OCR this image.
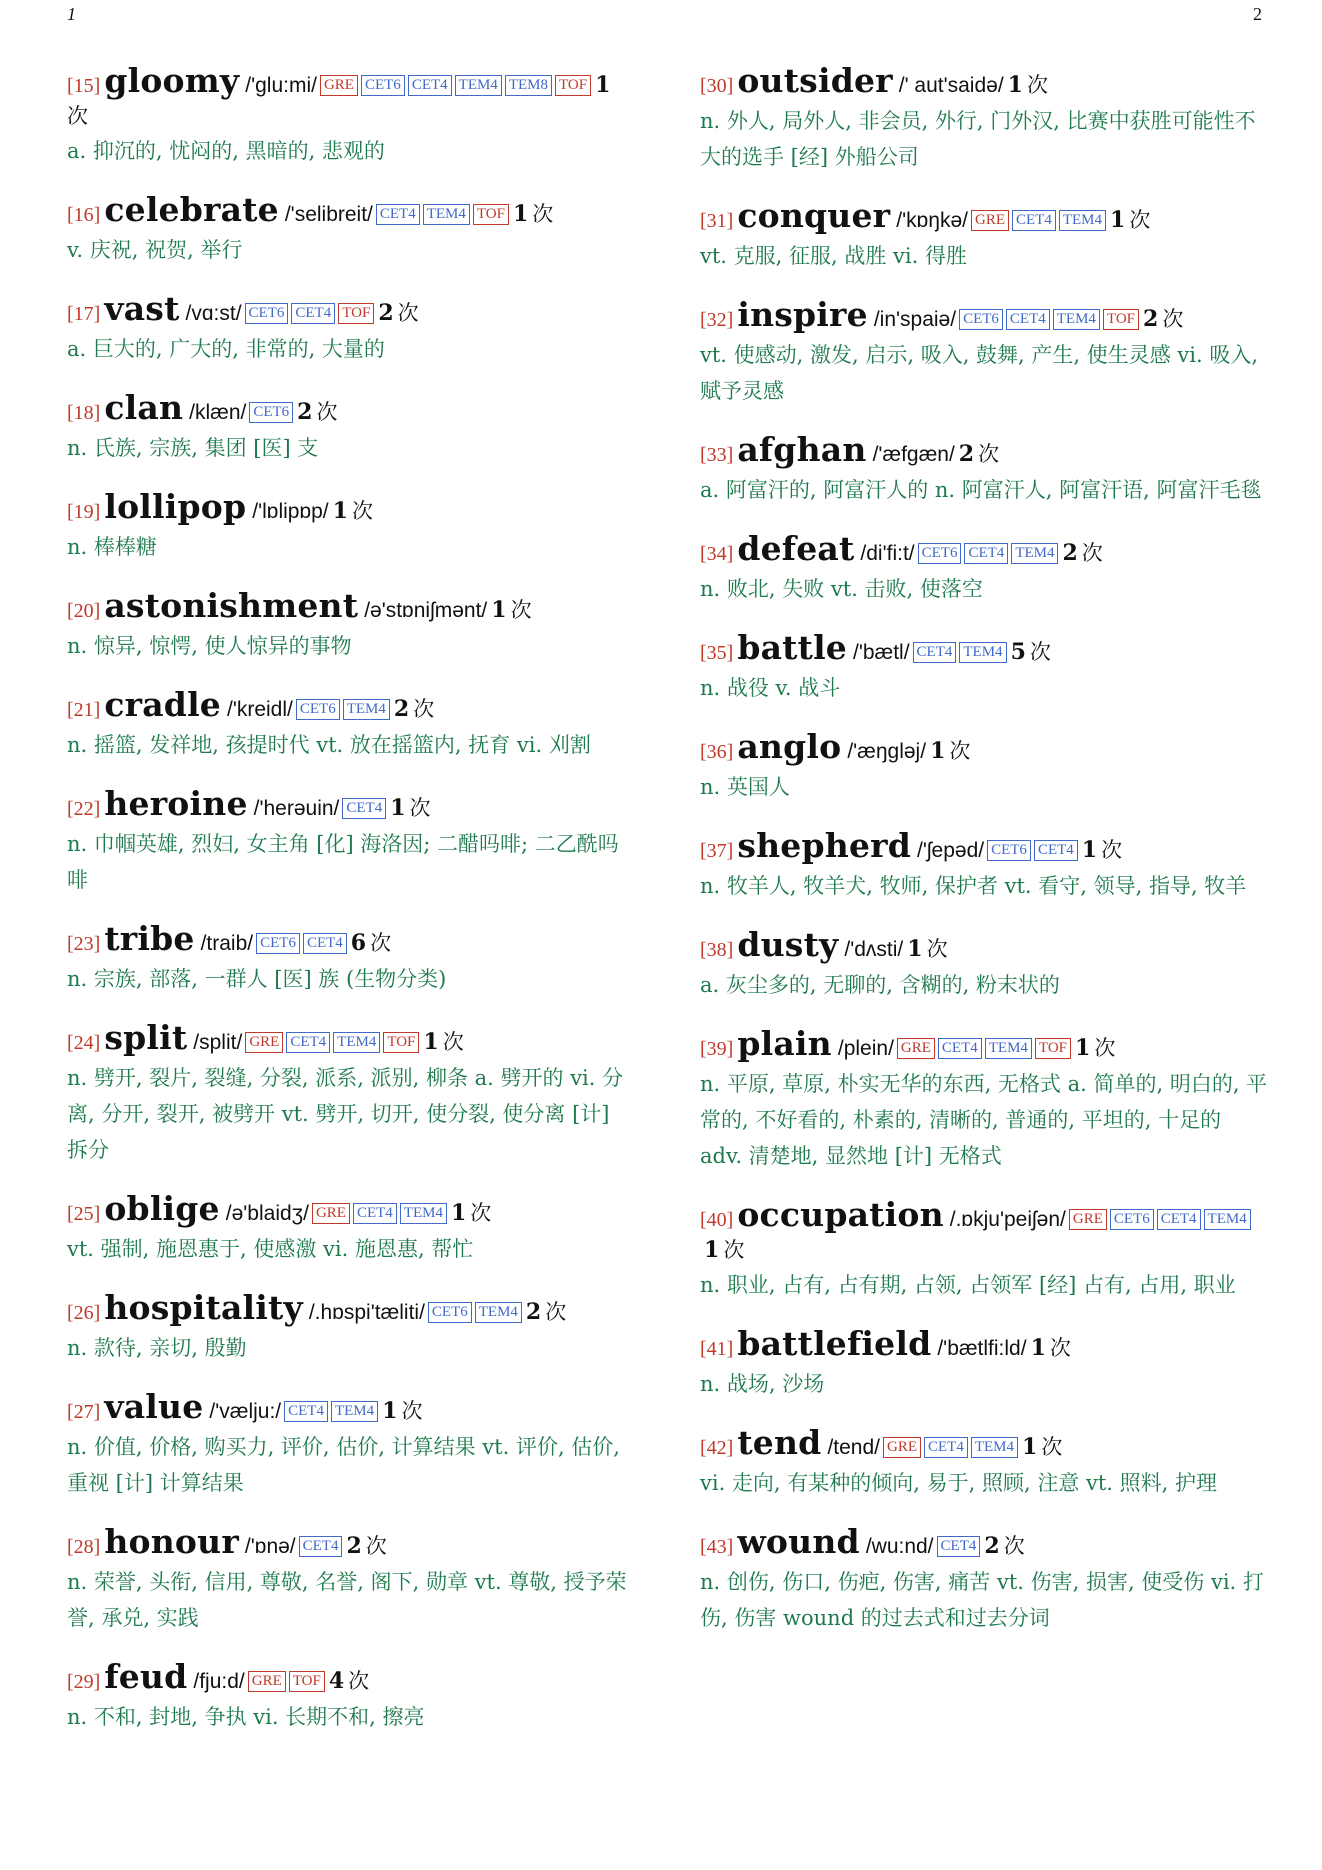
1	2
[15] gloomy /'glu:mi/ GRE CET6 CET4 TEM4 TEM8 TOF 1次
a. 抑沉的, 忧闷的, 黑暗的, 悲观的
[16] celebrate /'selibreit/ CET4 TEM4 TOF 1 次
v. 庆祝, 祝贺, 举行
[17] vast /vɑ:st/ CET6 CET4 TOF 2 次
a. 巨大的, 广大的, 非常的, 大量的
[18] clan /klæn/ CET6 2 次
n. 氏族, 宗族, 集团 [医] 支
[19] lollipop /'lɒlipɒp/ 1 次
n. 棒棒糖
[20] astonishment /ə'stɒniʃmənt/ 1 次
n. 惊异, 惊愕, 使人惊异的事物
[21] cradle /'kreidl/ CET6 TEM4 2 次
n. 摇篮, 发祥地, 孩提时代 vt. 放在摇篮内, 抚育 vi. 刈割
[22] heroine /'herəuin/ CET4 1 次
n. 巾帼英雄, 烈妇, 女主角 [化] 海洛因; 二醋吗啡; 二乙酰吗啡
[23] tribe /traib/ CET6 CET4 6 次
n. 宗族, 部落, 一群人 [医] 族 (生物分类)
[24] split /split/ GRE CET4 TEM4 TOF 1 次
n. 劈开, 裂片, 裂缝, 分裂, 派系, 派别, 柳条 a. 劈开的 vi. 分离, 分开, 裂开, 被劈开 vt. 劈开, 切开, 使分裂, 使分离 [计] 拆分
[25] oblige /ə'blaidʒ/ GRE CET4 TEM4 1 次
vt. 强制, 施恩惠于, 使感激 vi. 施恩惠, 帮忙
[26] hospitality /.hɒspi'tæliti/ CET6 TEM4 2 次
n. 款待, 亲切, 殷勤
[27] value /'vælju:/ CET4 TEM4 1 次
n. 价值, 价格, 购买力, 评价, 估价, 计算结果 vt. 评价, 估价, 重视 [计] 计算结果
[28] honour /'ɒnə/ CET4 2 次
n. 荣誉, 头衔, 信用, 尊敬, 名誉, 阁下, 勋章 vt. 尊敬, 授予荣誉, 承兑, 实践
[29] feud /fju:d/ GRE TOF 4 次
n. 不和, 封地, 争执 vi. 长期不和, 擦亮
[30] outsider /' aut'saidə/ 1 次
n. 外人, 局外人, 非会员, 外行, 门外汉, 比赛中获胜可能性不大的选手 [经] 外船公司
[31] conquer /'kɒŋkə/ GRE CET4 TEM4 1 次
vt. 克服, 征服, 战胜 vi. 得胜
[32] inspire /in'spaiə/ CET6 CET4 TEM4 TOF 2 次
vt. 使感动, 激发, 启示, 吸入, 鼓舞, 产生, 使生灵感 vi. 吸入, 赋予灵感
[33] afghan /'æfgæn/ 2 次
a. 阿富汗的, 阿富汗人的 n. 阿富汗人, 阿富汗语, 阿富汗毛毯
[34] defeat /di'fi:t/ CET6 CET4 TEM4 2 次
n. 败北, 失败 vt. 击败, 使落空
[35] battle /'bætl/ CET4 TEM4 5 次
n. 战役 v. 战斗
[36] anglo /'æŋgləj/ 1 次
n. 英国人
[37] shepherd /'ʃepəd/ CET6 CET4 1 次
n. 牧羊人, 牧羊犬, 牧师, 保护者 vt. 看守, 领导, 指导, 牧羊
[38] dusty /'dʌsti/ 1 次
a. 灰尘多的, 无聊的, 含糊的, 粉末状的
[39] plain /plein/ GRE CET4 TEM4 TOF 1 次
n. 平原, 草原, 朴实无华的东西, 无格式 a. 简单的, 明白的, 平常的, 不好看的, 朴素的, 清晰的, 普通的, 平坦的, 十足的 adv. 清楚地, 显然地 [计] 无格式
[40] occupation /.ɒkju'peiʃən/ GRE CET6 CET4 TEM41 次
n. 职业, 占有, 占有期, 占领, 占领军 [经] 占有, 占用, 职业
[41] battlefield /'bætlfi:ld/ 1 次
n. 战场, 沙场
[42] tend /tend/ GRE CET4 TEM4 1 次
vi. 走向, 有某种的倾向, 易于, 照顾, 注意 vt. 照料, 护理
[43] wound /wu:nd/ CET4 2 次
n. 创伤, 伤口, 伤疤, 伤害, 痛苦 vt. 伤害, 损害, 使受伤 vi. 打伤, 伤害 wound 的过去式和过去分词
